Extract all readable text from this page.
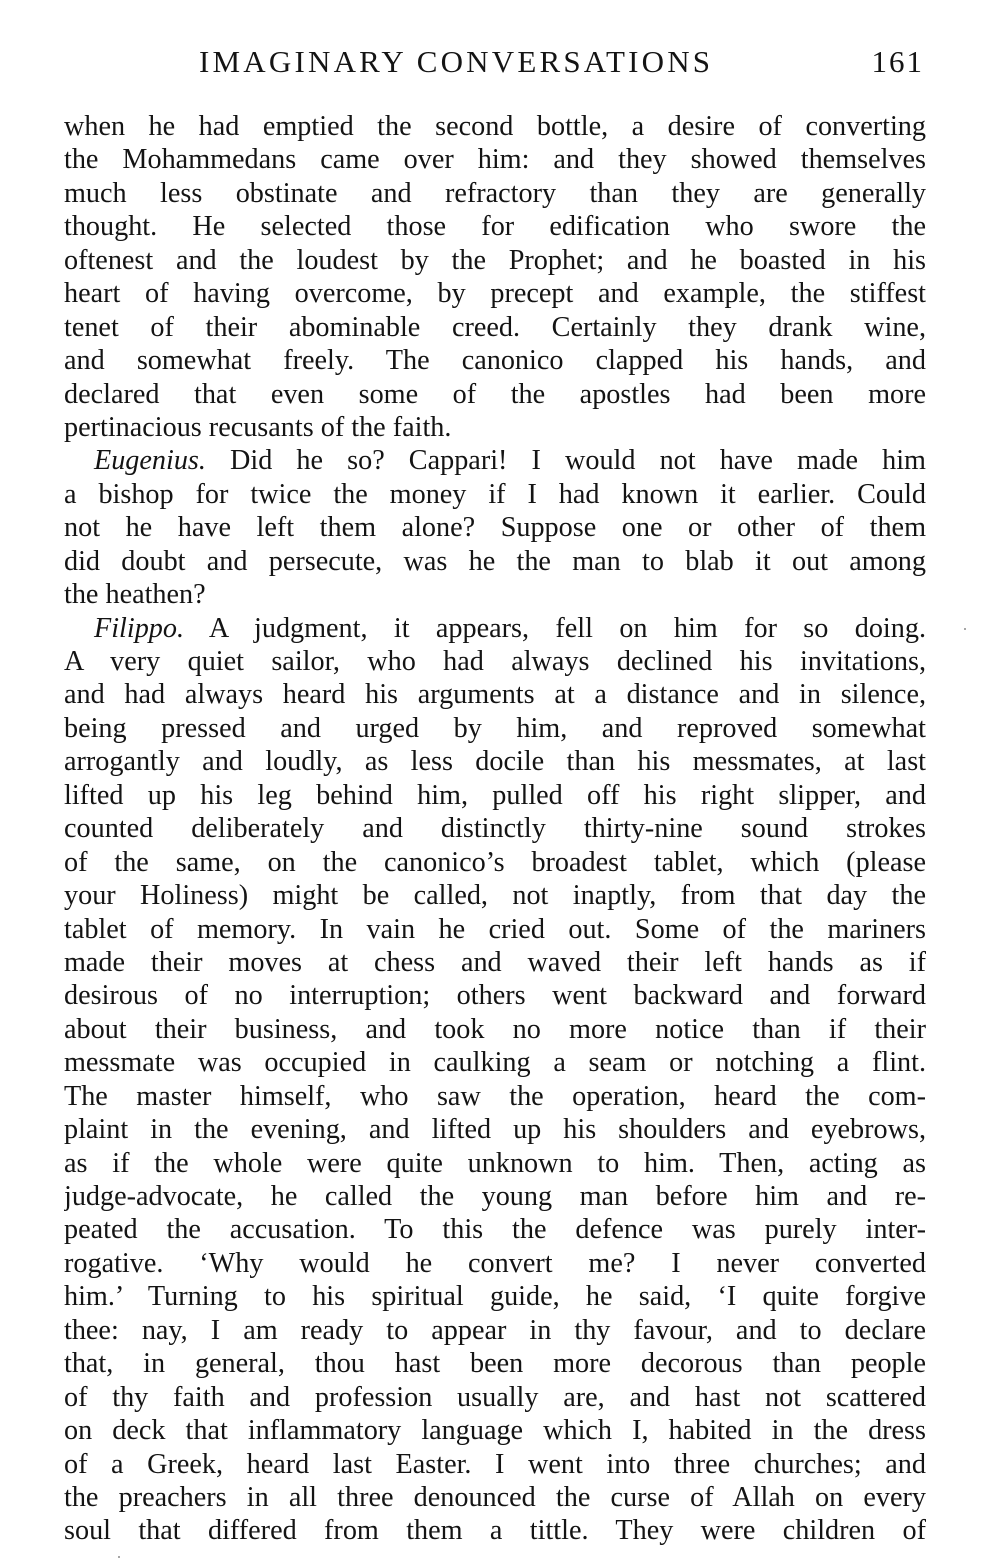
IMAGINARY CONVERSATIONS	161
when he had emptied the second bottle, a desire of converting
the Mohammedans came over him: and they showed themselves
much less obstinate and refractory than they are generally
thought. He selected those for edification who swore the
oftenest and the loudest by the Prophet; and he boasted in his
heart of having overcome, by precept and example, the stiffest
tenet of their abominable creed. Certainly they drank wine,
and somewhat freely. The canonico clapped his hands, and
declared that even some of the apostles had been more
pertinacious recusants of the faith.
Eugenius. Did he so? Cappari! I would not have made him
a bishop for twice the money if I had known it earlier. Could
not he have left them alone? Suppose one or other of them
did doubt and persecute, was he the man to blab it out among
the heathen?
Filippo. A judgment, it appears, fell on him for so doing.
A very quiet sailor, who had always declined his invitations,
and had always heard his arguments at a distance and in silence,
being pressed and urged by him, and reproved somewhat
arrogantly and loudly, as less docile than his messmates, at last
lifted up his leg behind him, pulled off his right slipper, and
counted deliberately and distinctly thirty-nine sound strokes
of the same, on the canonico’s broadest tablet, which (please
your Holiness) might be called, not inaptly, from that day the
tablet of memory. In vain he cried out. Some of the mariners
made their moves at chess and waved their left hands as if
desirous of no interruption; others went backward and forward
about their business, and took no more notice than if their
messmate was occupied in caulking a seam or notching a flint.
The master himself, who saw the operation, heard the com-
plaint in the evening, and lifted up his shoulders and eyebrows,
as if the whole were quite unknown to him. Then, acting as
judge-advocate, he called the young man before him and re-
peated the accusation. To this the defence was purely inter-
rogative. ‘Why would he convert me? I never converted
him.’ Turning to his spiritual guide, he said, ‘I quite forgive
thee: nay, I am ready to appear in thy favour, and to declare
that, in general, thou hast been more decorous than people
of thy faith and profession usually are, and hast not scattered
on deck that inflammatory language which I, habited in the dress
of a Greek, heard last Easter. I went into three churches; and
the preachers in all three denounced the curse of Allah on every
soul that differed from them a tittle. They were children of
